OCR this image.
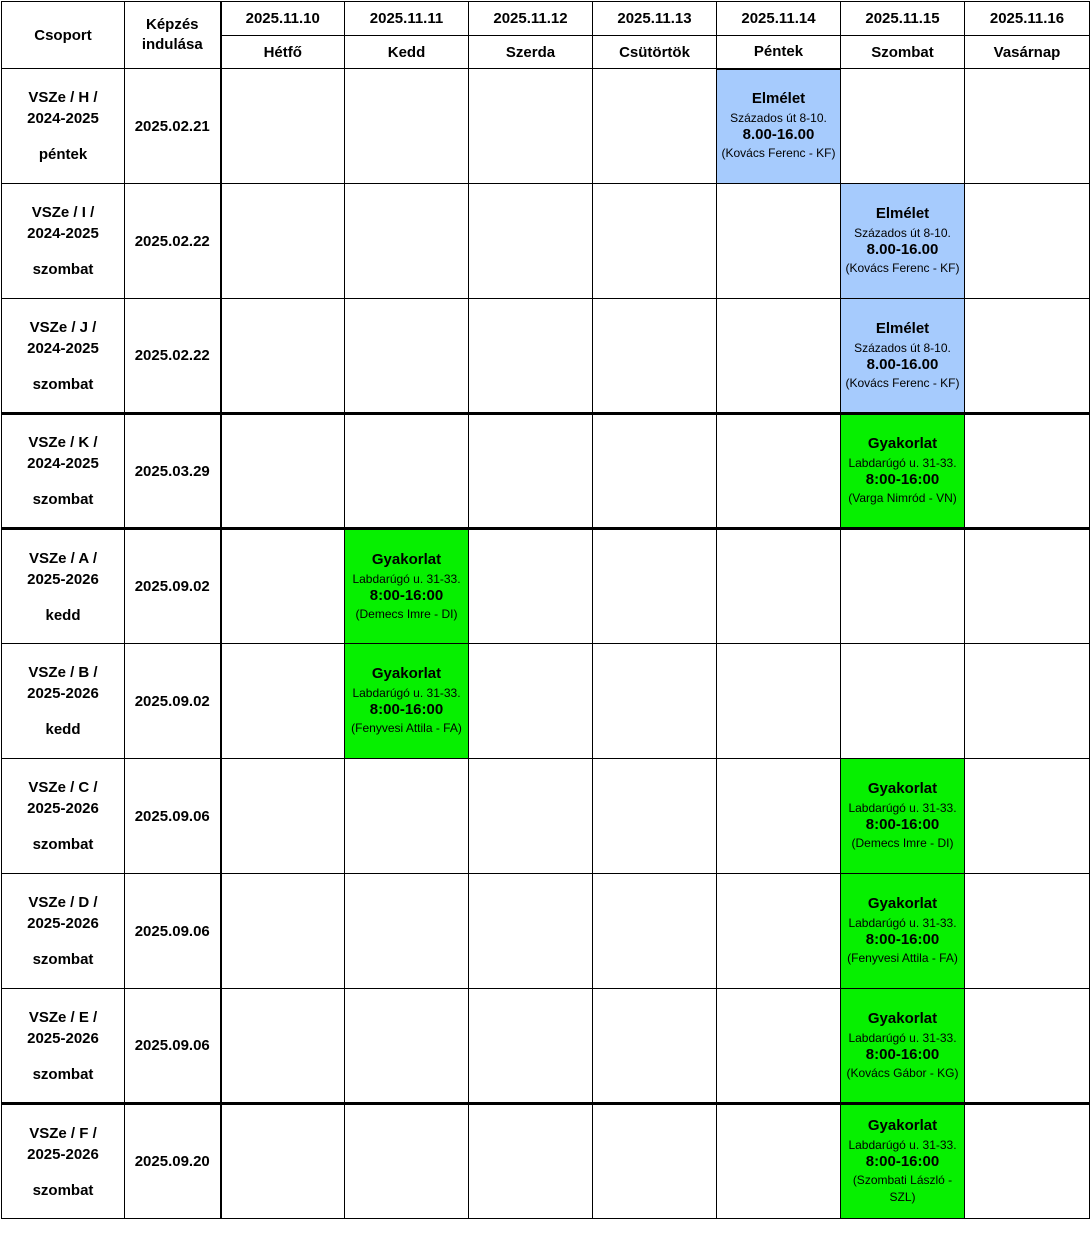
Csoport	Képzés indulása	2025.11.10	2025.11.11	2025.11.12	2025.11.13	2025.11.14	2025.11.15	2025.11.16
		Hétfő	Kedd	Szerda	Csütörtök	Péntek	Szombat	Vasárnap

VSZe / H /
2024-2025
péntek	2025.02.21					Elmélet
Százados út 8-10.
8.00-16.00
(Kovács Ferenc - KF)		

VSZe / I /
2024-2025
szombat	2025.02.22						Elmélet
Százados út 8-10.
8.00-16.00
(Kovács Ferenc - KF)	

VSZe / J /
2024-2025
szombat	2025.02.22						Elmélet
Százados út 8-10.
8.00-16.00
(Kovács Ferenc - KF)	

VSZe / K /
2024-2025
szombat	2025.03.29						Gyakorlat
Labdarúgó u. 31-33.
8:00-16:00
(Varga Nimród - VN)	

VSZe / A /
2025-2026
kedd	2025.09.02		Gyakorlat
Labdarúgó u. 31-33.
8:00-16:00
(Demecs Imre - DI)					

VSZe / B /
2025-2026
kedd	2025.09.02		Gyakorlat
Labdarúgó u. 31-33.
8:00-16:00
(Fenyvesi Attila - FA)					

VSZe / C /
2025-2026
szombat	2025.09.06						Gyakorlat
Labdarúgó u. 31-33.
8:00-16:00
(Demecs Imre - DI)	

VSZe / D /
2025-2026
szombat	2025.09.06						Gyakorlat
Labdarúgó u. 31-33.
8:00-16:00
(Fenyvesi Attila - FA)	

VSZe / E /
2025-2026
szombat	2025.09.06						Gyakorlat
Labdarúgó u. 31-33.
8:00-16:00
(Kovács Gábor - KG)	

VSZe / F /
2025-2026
szombat	2025.09.20						Gyakorlat
Labdarúgó u. 31-33.
8:00-16:00
(Szombati László - SZL)	
